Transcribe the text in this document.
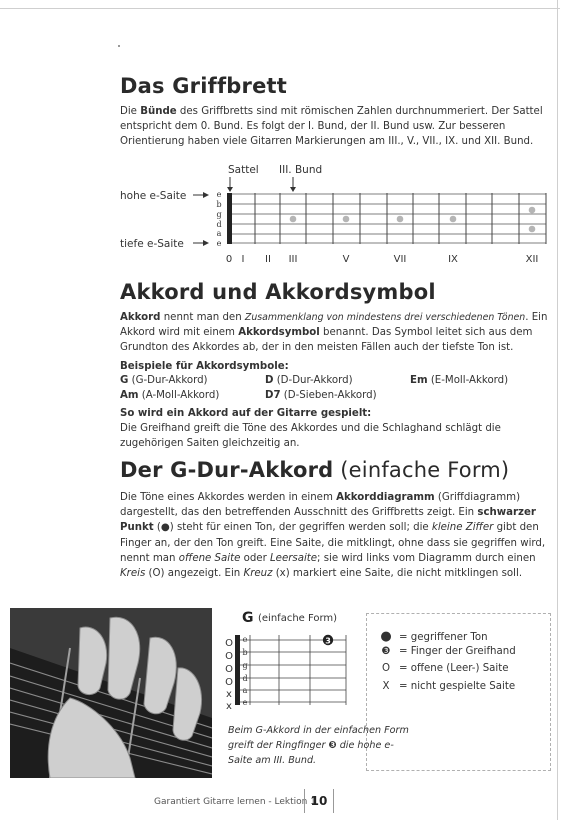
Das Griffbrett

Die Bünde des Griffbretts sind mit römischen Zahlen durchnummeriert. Der Sattel entspricht dem 0. Bund. Es folgt der I. Bund, der II. Bund usw. Zur besseren Orientierung haben viele Gitarren Markierungen am III., V., VII., IX. und XII. Bund.

Sattel III. Bund
hohe e-Saite
tiefe e-Saite
e
b
g
d
a
e
0 I II III	V	VII	IX	XII
Akkord und Akkordsymbol

Akkord nennt man den Zusammenklang von mindestens drei verschiedenen Tönen. Ein Akkord wird mit einem Akkordsymbol benannt. Das Symbol leitet sich aus dem Grundton des Akkordes ab, der in den meisten Fällen auch der tiefste Ton ist.

Beispiele für Akkordsymbole:

G (G-Dur-Akkord)	D (D-Dur-Akkord)	Em (E-Moll-Akkord)
Am (A-Moll-Akkord)	D7 (D-Sieben-Akkord)

So wird ein Akkord auf der Gitarre gespielt:

Die Greifhand greift die Töne des Akkordes und die Schlaghand schlägt die zugehörigen Saiten gleichzeitig an.

Der G-Dur-Akkord (einfache Form)

Die Töne eines Akkordes werden in einem Akkorddiagramm (Griffdiagramm) dargestellt, das den betreffenden Ausschnitt des Griffbretts zeigt. Ein schwarzer Punkt (●) steht für einen Ton, der gegriffen werden soll; die kleine Ziffer gibt den Finger an, der den Ton greift. Eine Saite, die mitklingt, ohne dass sie gegriffen wird, nennt man offene Saite oder Leersaite; sie wird links vom Diagramm durch einen Kreis (O) angezeigt. Ein Kreuz (x) markiert eine Saite, die nicht mitklingen soll.

G (einfache Form)
O
O
O
O
x
x
e
b
g
d
a
e
3	● = gegriffener Ton
❸ = Finger der Greifhand
O = offene (Leer-) Saite
X = nicht gespielte Saite
Beim G-Akkord in der einfachen Form greift der Ringfinger ❸ die hohe e-Saite am III. Bund.
Garantiert Gitarre lernen - Lektion 1
10
